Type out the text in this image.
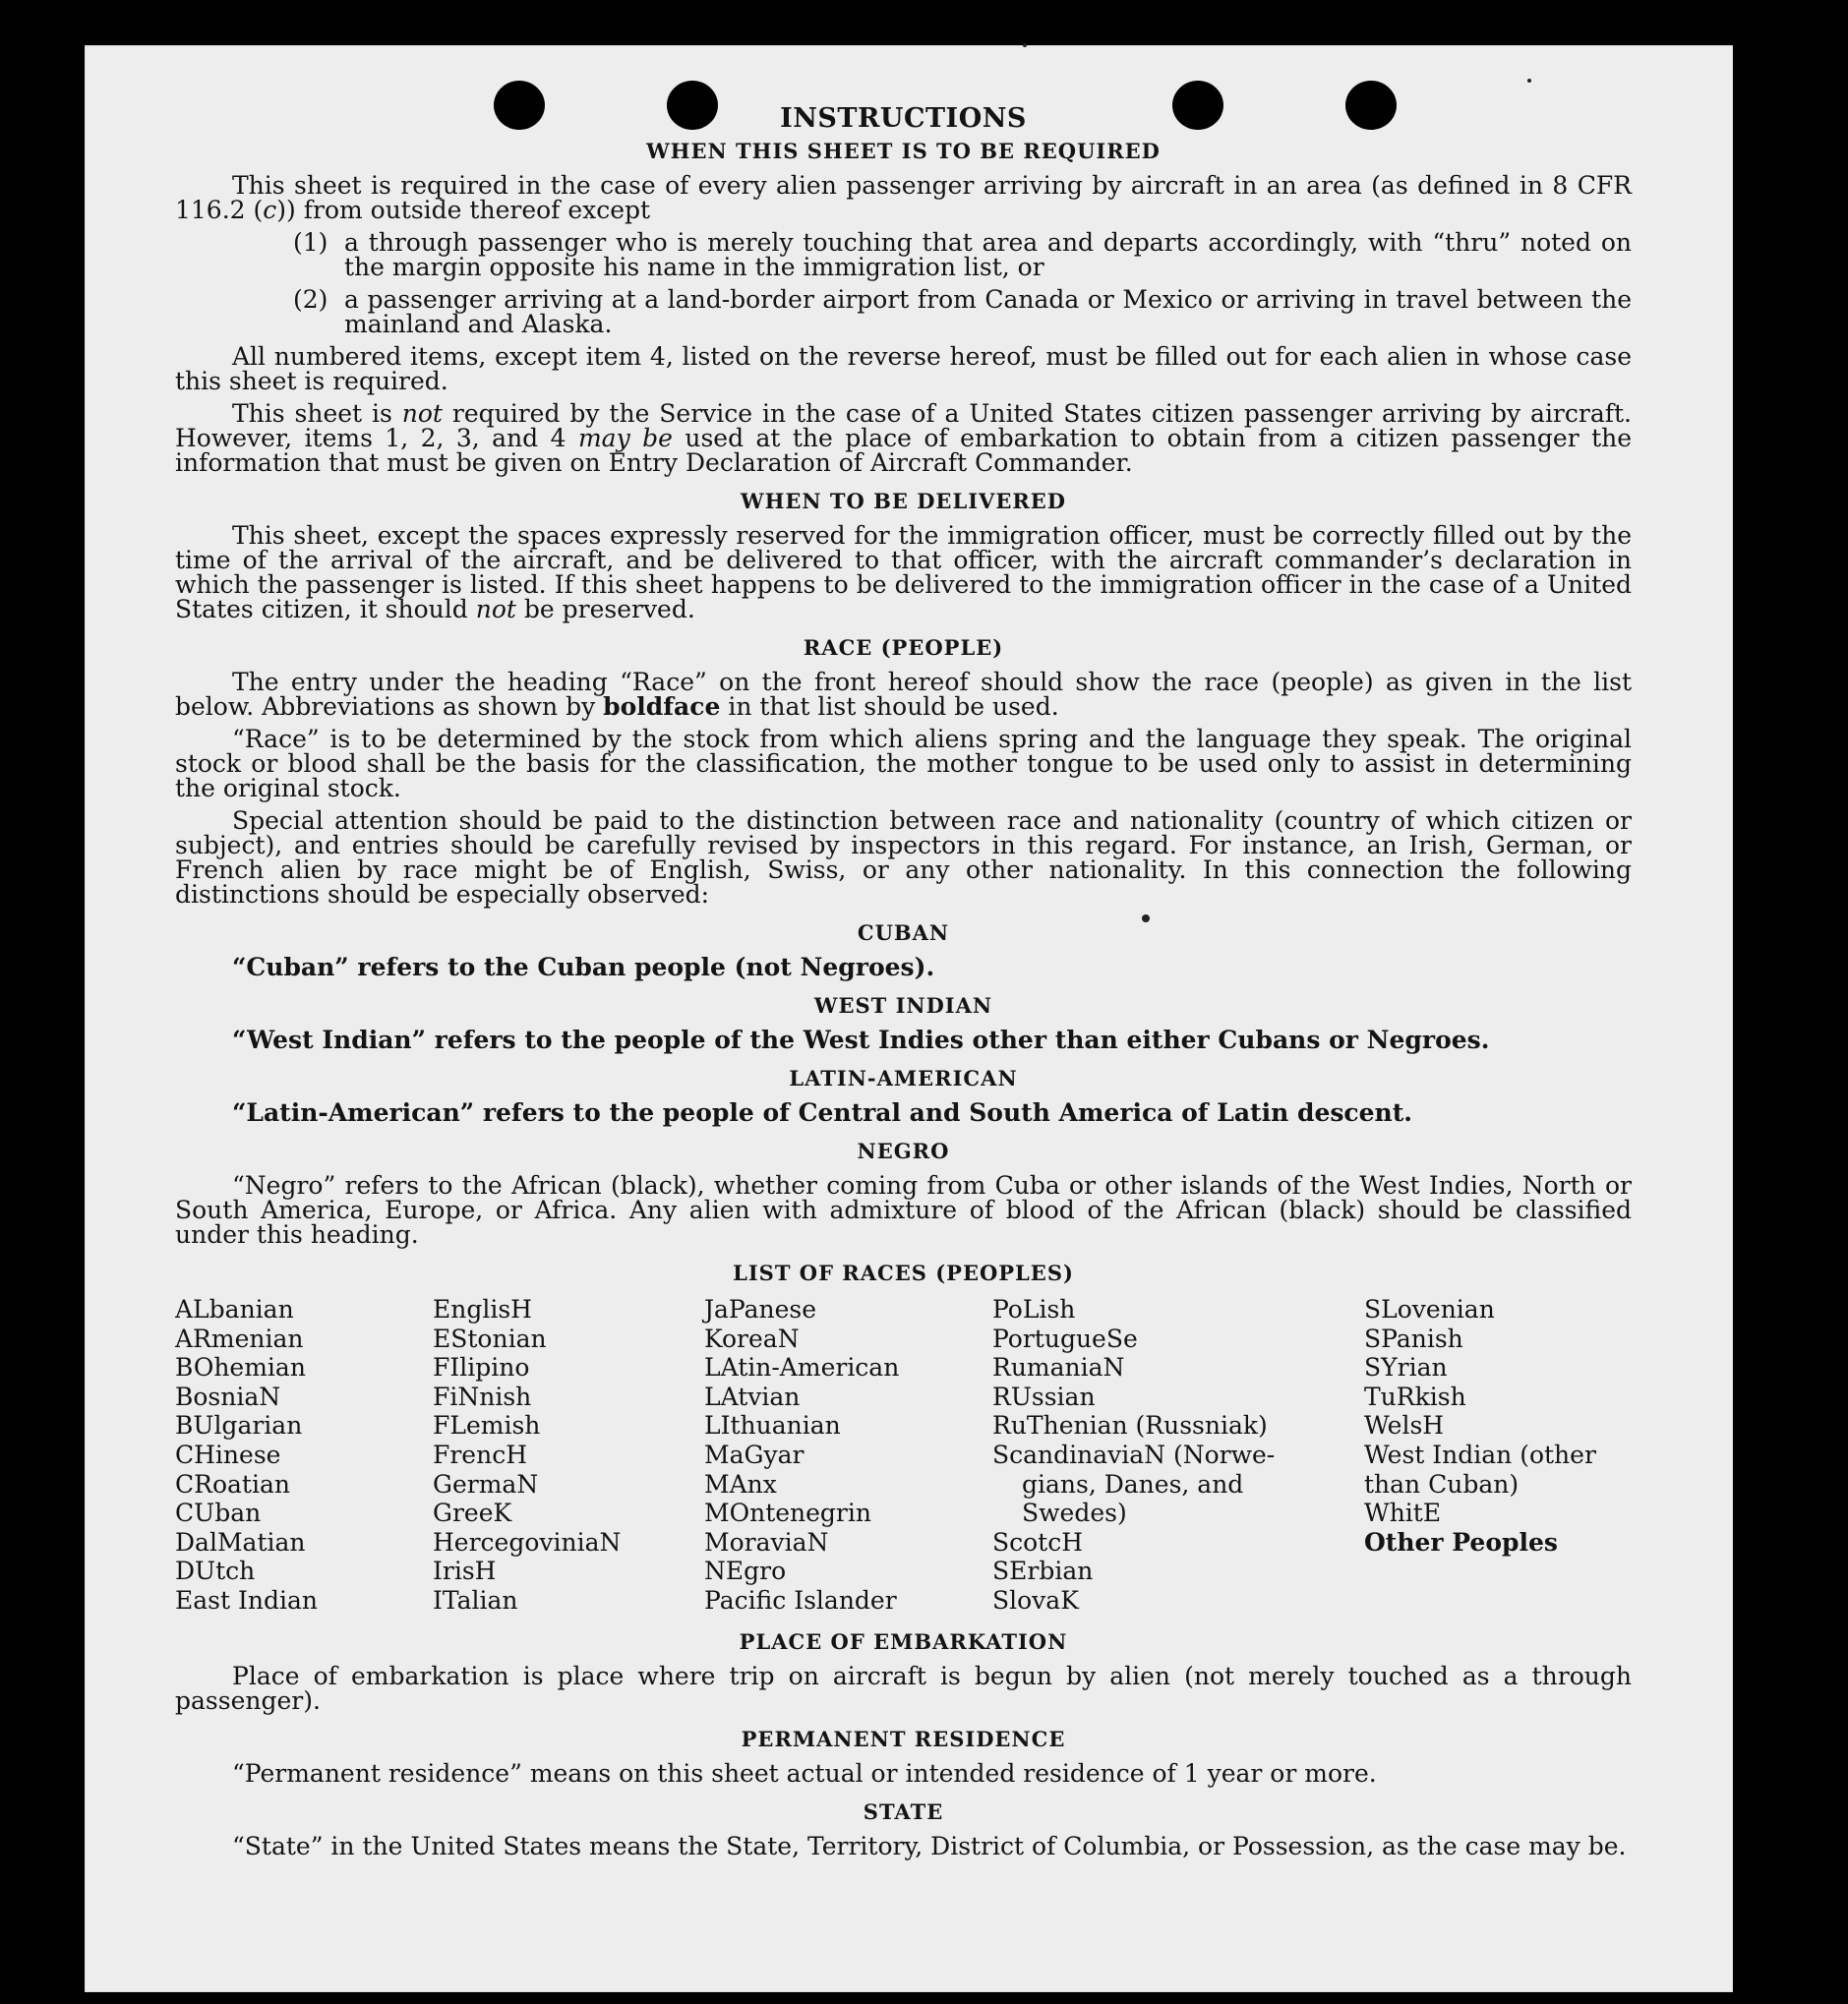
INSTRUCTIONS
WHEN THIS SHEET IS TO BE REQUIRED

This sheet is required in the case of every alien passenger arriving by aircraft in an area (as defined in 8 CFR 116.2 (c)) from outside thereof except

(1) a through passenger who is merely touching that area and departs accordingly, with “thru” noted on the margin opposite his name in the immigration list, or
(2) a passenger arriving at a land-border airport from Canada or Mexico or arriving in travel between the mainland and Alaska.

All numbered items, except item 4, listed on the reverse hereof, must be filled out for each alien in whose case this sheet is required.

This sheet is not required by the Service in the case of a United States citizen passenger arriving by aircraft. However, items 1, 2, 3, and 4 may be used at the place of embarkation to obtain from a citizen passenger the information that must be given on Entry Declaration of Aircraft Commander.

WHEN TO BE DELIVERED

This sheet, except the spaces expressly reserved for the immigration officer, must be correctly filled out by the time of the arrival of the aircraft, and be delivered to that officer, with the aircraft commander’s declaration in which the passenger is listed. If this sheet happens to be delivered to the immigration officer in the case of a United States citizen, it should not be preserved.

RACE (PEOPLE)

The entry under the heading “Race” on the front hereof should show the race (people) as given in the list below. Abbreviations as shown by boldface in that list should be used.

“Race” is to be determined by the stock from which aliens spring and the language they speak. The original stock or blood shall be the basis for the classification, the mother tongue to be used only to assist in determining the original stock.

Special attention should be paid to the distinction between race and nationality (country of which citizen or subject), and entries should be carefully revised by inspectors in this regard. For instance, an Irish, German, or French alien by race might be of English, Swiss, or any other nationality. In this connection the following distinctions should be especially observed:

CUBAN
“Cuban” refers to the Cuban people (not Negroes).
WEST INDIAN
“West Indian” refers to the people of the West Indies other than either Cubans or Negroes.
LATIN-AMERICAN
“Latin-American” refers to the people of Central and South America of Latin descent.
NEGRO

“Negro” refers to the African (black), whether coming from Cuba or other islands of the West Indies, North or South America, Europe, or Africa. Any alien with admixture of blood of the African (black) should be classified under this heading.

LIST OF RACES (PEOPLES)
ALbanian
ARmenian
BOhemian
BosniaN
BUlgarian
CHinese
CRoatian
CUban
DalMatian
DUtch
East Indian
EnglisH
EStonian
FIlipino
FiNnish
FLemish
FrencH
GermaN
GreeK
HercegoviniaN
IrisH
ITalian
JaPanese
KoreaN
LAtin-American
LAtvian
LIthuanian
MaGyar
MAnx
MOntenegrin
MoraviaN
NEgro
Pacific Islander
PoLish
PortugueSe
RumaniaN
RUssian
RuThenian (Russniak)
ScandinaviaN (Norwe-
gians, Danes, and
Swedes)
ScotcH
SErbian
SlovaK
SLovenian
SPanish
SYrian
TuRkish
WelsH
West Indian (other
than Cuban)
WhitE
Other Peoples
PLACE OF EMBARKATION

Place of embarkation is place where trip on aircraft is begun by alien (not merely touched as a through passenger).

PERMANENT RESIDENCE

“Permanent residence” means on this sheet actual or intended residence of 1 year or more.

STATE

“State” in the United States means the State, Territory, District of Columbia, or Possession, as the case may be.
